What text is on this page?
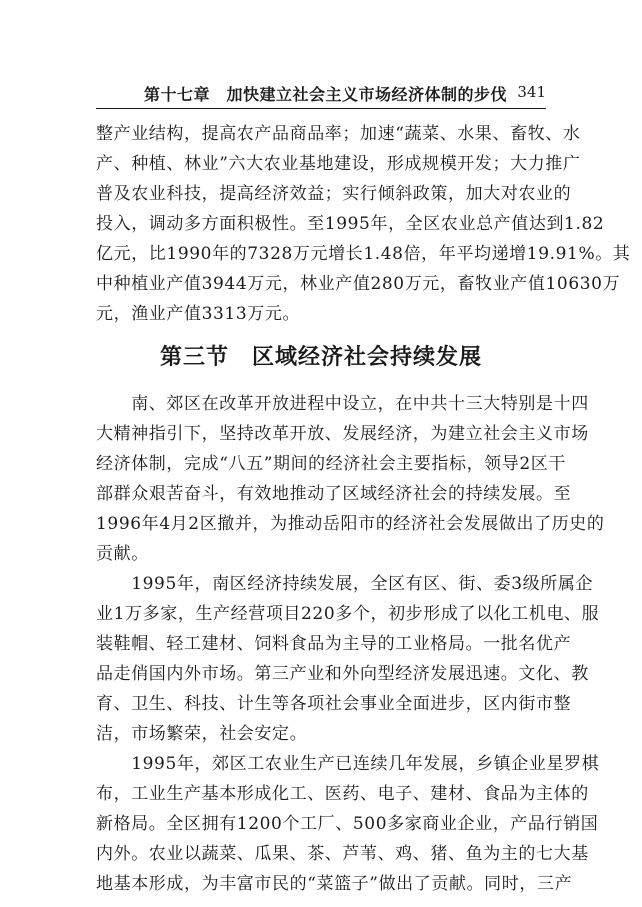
第十七章　加快建立社会主义市场经济体制的步伐 341
整产业结构，提高农产品商品率；加速“蔬菜、水果、畜牧、水
产、种植、林业”六大农业基地建设，形成规模开发；大力推广
普及农业科技，提高经济效益；实行倾斜政策，加大对农业的
投入，调动多方面积极性。至1995年，全区农业总产值达到1.82
亿元，比1990年的7328万元增长1.48倍，年平均递增19.91%。其
中种植业产值3944万元，林业产值280万元，畜牧业产值10630万
元，渔业产值3313万元。
第三节　区域经济社会持续发展
　　南、郊区在改革开放进程中设立，在中共十三大特别是十四
大精神指引下，坚持改革开放、发展经济，为建立社会主义市场
经济体制，完成“八五”期间的经济社会主要指标，领导2区干
部群众艰苦奋斗，有效地推动了区域经济社会的持续发展。至
1996年4月2区撤并，为推动岳阳市的经济社会发展做出了历史的
贡献。
　　1995年，南区经济持续发展，全区有区、街、委3级所属企
业1万多家，生产经营项目220多个，初步形成了以化工机电、服
装鞋帽、轻工建材、饲料食品为主导的工业格局。一批名优产
品走俏国内外市场。第三产业和外向型经济发展迅速。文化、教
育、卫生、科技、计生等各项社会事业全面进步，区内街市整
洁，市场繁荣，社会安定。
　　1995年，郊区工农业生产已连续几年发展，乡镇企业星罗棋
布，工业生产基本形成化工、医药、电子、建材、食品为主体的
新格局。全区拥有1200个工厂、500多家商业企业，产品行销国
内外。农业以蔬菜、瓜果、茶、芦苇、鸡、猪、鱼为主的七大基
地基本形成，为丰富市民的“菜篮子”做出了贡献。同时，三产
